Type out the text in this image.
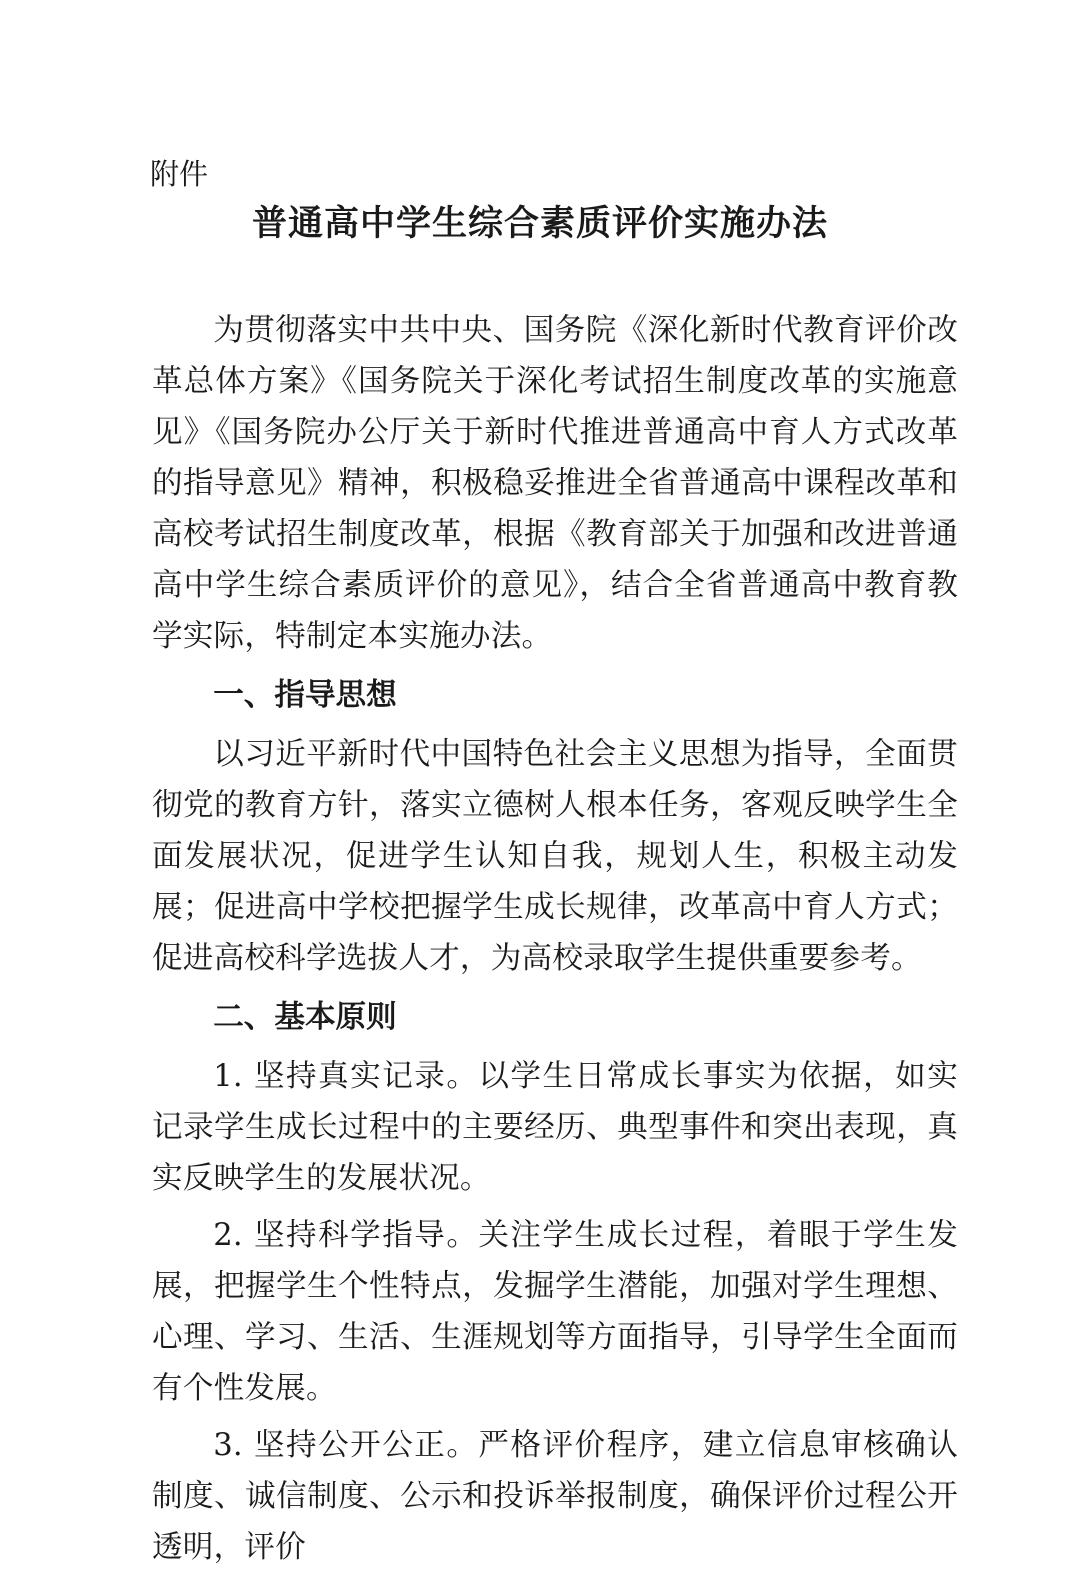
附件

普通高中学生综合素质评价实施办法

为贯彻落实中共中央、国务院《深化新时代教育评价改革总体方案》《国务院关于深化考试招生制度改革的实施意见》《国务院办公厅关于新时代推进普通高中育人方式改革的指导意见》精神，积极稳妥推进全省普通高中课程改革和高校考试招生制度改革，根据《教育部关于加强和改进普通高中学生综合素质评价的意见》，结合全省普通高中教育教学实际，特制定本实施办法。

一、指导思想

以习近平新时代中国特色社会主义思想为指导，全面贯彻党的教育方针，落实立德树人根本任务，客观反映学生全面发展状况，促进学生认知自我，规划人生，积极主动发展；促进高中学校把握学生成长规律，改革高中育人方式；促进高校科学选拔人才，为高校录取学生提供重要参考。

二、基本原则

1. 坚持真实记录。以学生日常成长事实为依据，如实记录学生成长过程中的主要经历、典型事件和突出表现，真实反映学生的发展状况。

2. 坚持科学指导。关注学生成长过程，着眼于学生发展，把握学生个性特点，发掘学生潜能，加强对学生理想、心理、学习、生活、生涯规划等方面指导，引导学生全面而有个性发展。

3. 坚持公开公正。严格评价程序，建立信息审核确认制度、诚信制度、公示和投诉举报制度，确保评价过程公开透明，评价
